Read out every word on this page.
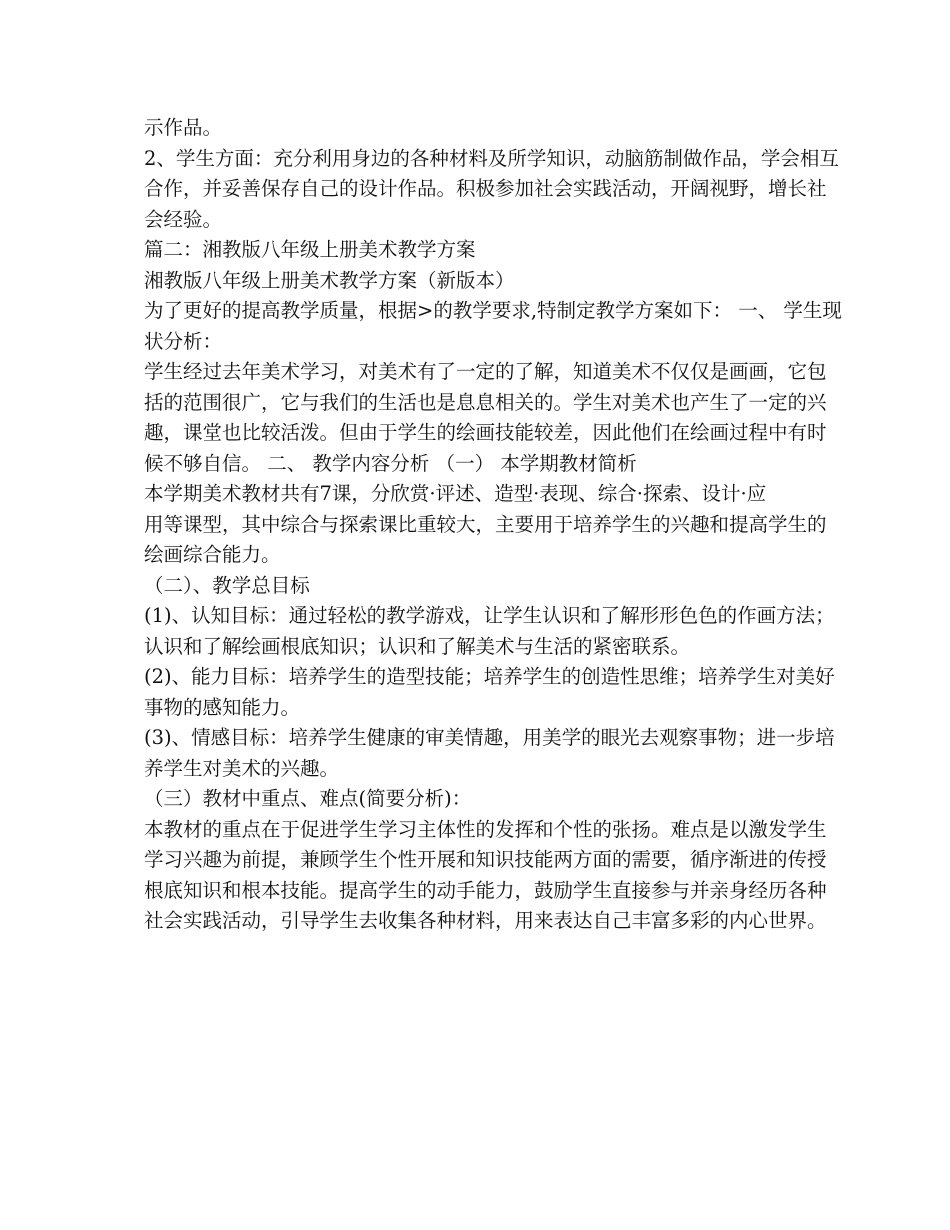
示作品。
2、学生方面：充分利用身边的各种材料及所学知识，动脑筋制做作品，学会相互
合作，并妥善保存自己的设计作品。积极参加社会实践活动，开阔视野，增长社
会经验。
篇二：湘教版八年级上册美术教学方案
湘教版八年级上册美术教学方案（新版本）
为了更好的提高教学质量，根据>的教学要求,特制定教学方案如下： 一、 学生现
状分析：
学生经过去年美术学习，对美术有了一定的了解，知道美术不仅仅是画画，它包
括的范围很广，它与我们的生活也是息息相关的。学生对美术也产生了一定的兴
趣，课堂也比较活泼。但由于学生的绘画技能较差，因此他们在绘画过程中有时
候不够自信。 二、 教学内容分析 （一） 本学期教材简析
本学期美术教材共有7课，分欣赏·评述、造型·表现、综合·探索、设计·应
用等课型，其中综合与探索课比重较大，主要用于培养学生的兴趣和提高学生的
绘画综合能力。
（二）、教学总目标
(1)、认知目标：通过轻松的教学游戏，让学生认识和了解形形色色的作画方法；
认识和了解绘画根底知识；认识和了解美术与生活的紧密联系。
(2)、能力目标：培养学生的造型技能；培养学生的创造性思维；培养学生对美好
事物的感知能力。
(3)、情感目标：培养学生健康的审美情趣，用美学的眼光去观察事物；进一步培
养学生对美术的兴趣。
（三）教材中重点、难点(简要分析)：
本教材的重点在于促进学生学习主体性的发挥和个性的张扬。难点是以激发学生
学习兴趣为前提，兼顾学生个性开展和知识技能两方面的需要，循序渐进的传授
根底知识和根本技能。提高学生的动手能力，鼓励学生直接参与并亲身经历各种
社会实践活动，引导学生去收集各种材料，用来表达自己丰富多彩的内心世界。
